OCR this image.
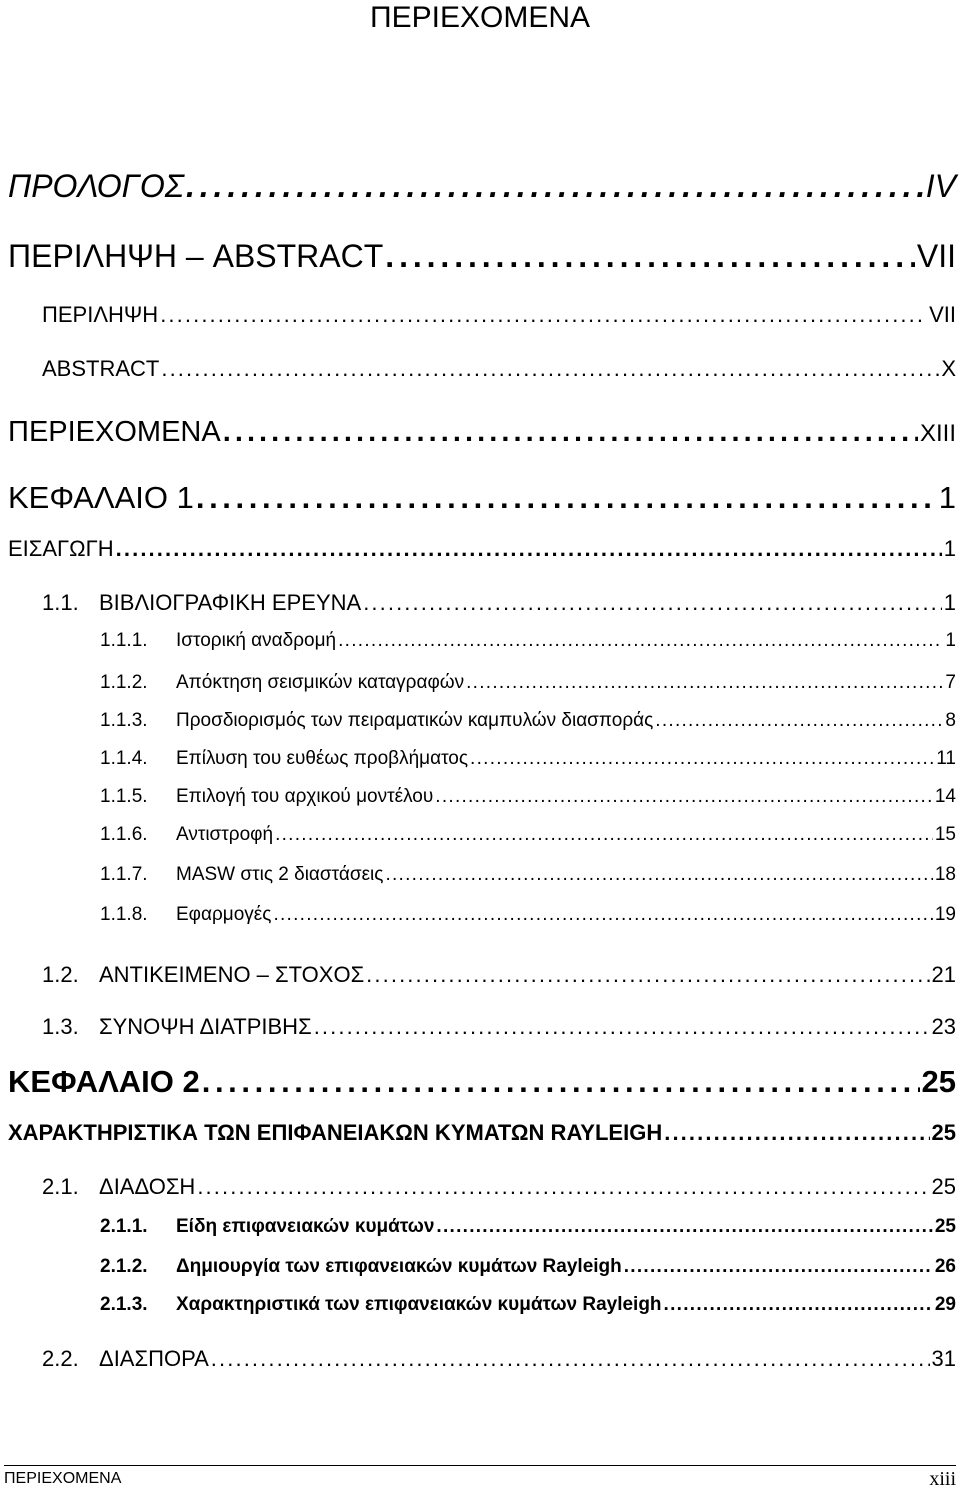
ΠΕΡΙΕΧΟΜΕΝΑ
ΠΡΟΛΟΓΟΣ . . .	IV
ΠΕΡΙΛΗΨΗ – ABSTRACT . . .	VII
ΠΕΡΙΛΗΨΗ . . .	VII
ABSTRACT . . .	X
ΠΕΡΙΕΧΟΜΕΝΑ . . .	XIII
ΚΕΦΑΛΑΙΟ 1 . . .	1
ΕΙΣΑΓΩΓΗ . . .	1
1.1. ΒΙΒΛΙΟΓΡΑΦΙΚΗ ΕΡΕΥΝΑ . . .	1
1.1.1.	Ιστορική αναδρομή . . .	1
1.1.2.	Απόκτηση σεισμικών καταγραφών . . .	7
1.1.3.	Προσδιορισμός των πειραματικών καμπυλών διασποράς . . .	8
1.1.4.	Επίλυση του ευθέως προβλήματος . . .	11
1.1.5.	Επιλογή του αρχικού μοντέλου . . .	14
1.1.6.	Αντιστροφή . . .	15
1.1.7.	MASW στις 2 διαστάσεις . . .	18
1.1.8.	Εφαρμογές . . .	19
1.2. ΑΝΤΙΚΕΙΜΕΝΟ – ΣΤΟΧΟΣ . . .	21
1.3. ΣΥΝΟΨΗ ΔΙΑΤΡΙΒΗΣ . . .	23
ΚΕΦΑΛΑΙΟ 2 . . .	25
ΧΑΡΑΚΤΗΡΙΣΤΙΚΑ ΤΩΝ ΕΠΙΦΑΝΕΙΑΚΩΝ ΚΥΜΑΤΩΝ RAYLEIGH . . .	25
2.1. ΔΙΑΔΟΣΗ . . .	25
2.1.1.	Είδη επιφανειακών κυμάτων . . .	25
2.1.2.	Δημιουργία των επιφανειακών κυμάτων Rayleigh . . .	26
2.1.3.	Χαρακτηριστικά των επιφανειακών κυμάτων Rayleigh . . .	29
2.2. ΔΙΑΣΠΟΡΑ . . .	31
ΠΕΡΙΕΧΟΜΕΝΑ	xiii
